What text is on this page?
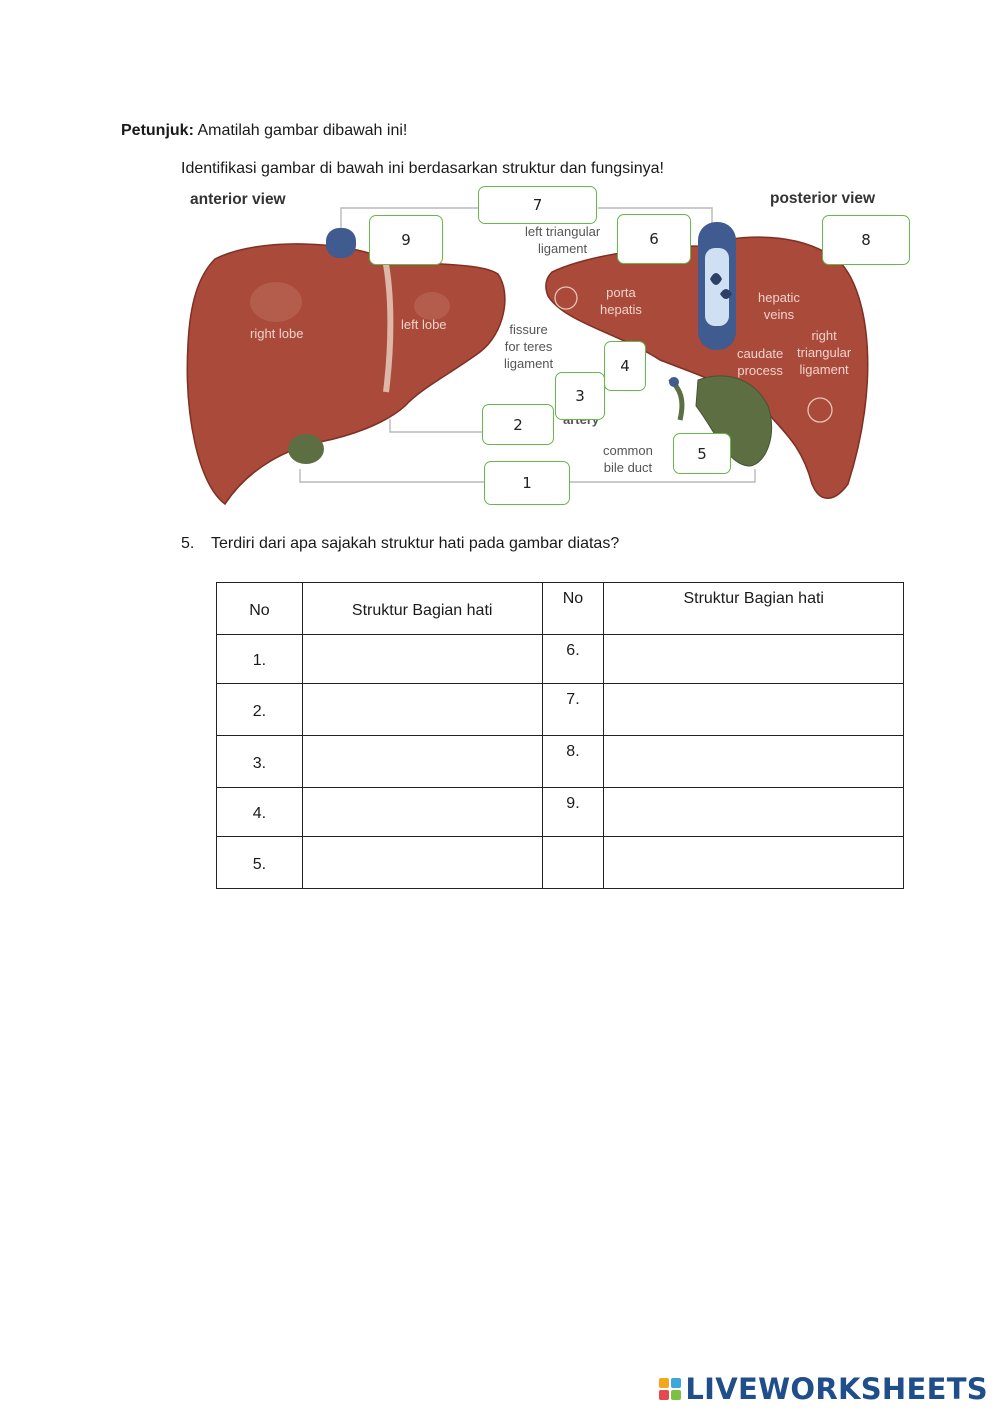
Petunjuk: Amatilah gambar dibawah ini!
Identifikasi gambar di bawah ini berdasarkan struktur dan fungsinya!
anterior view	posterior view
right lobe
left lobe
left triangular
ligament
porta
hepatis
fissure
for teres
ligament
hepatic
veins
caudate
process
right
triangular
ligament
common
bile duct
7
9	6	8
4
3
2
5
1
5. Terdiri dari apa sajakah struktur hati pada gambar diatas?
No	Struktur Bagian hati	No	Struktur Bagian hati
1.		6.	
2.		7.	
3.		8.	
4.		9.	
5.			
LIVEWORKSHEETS
